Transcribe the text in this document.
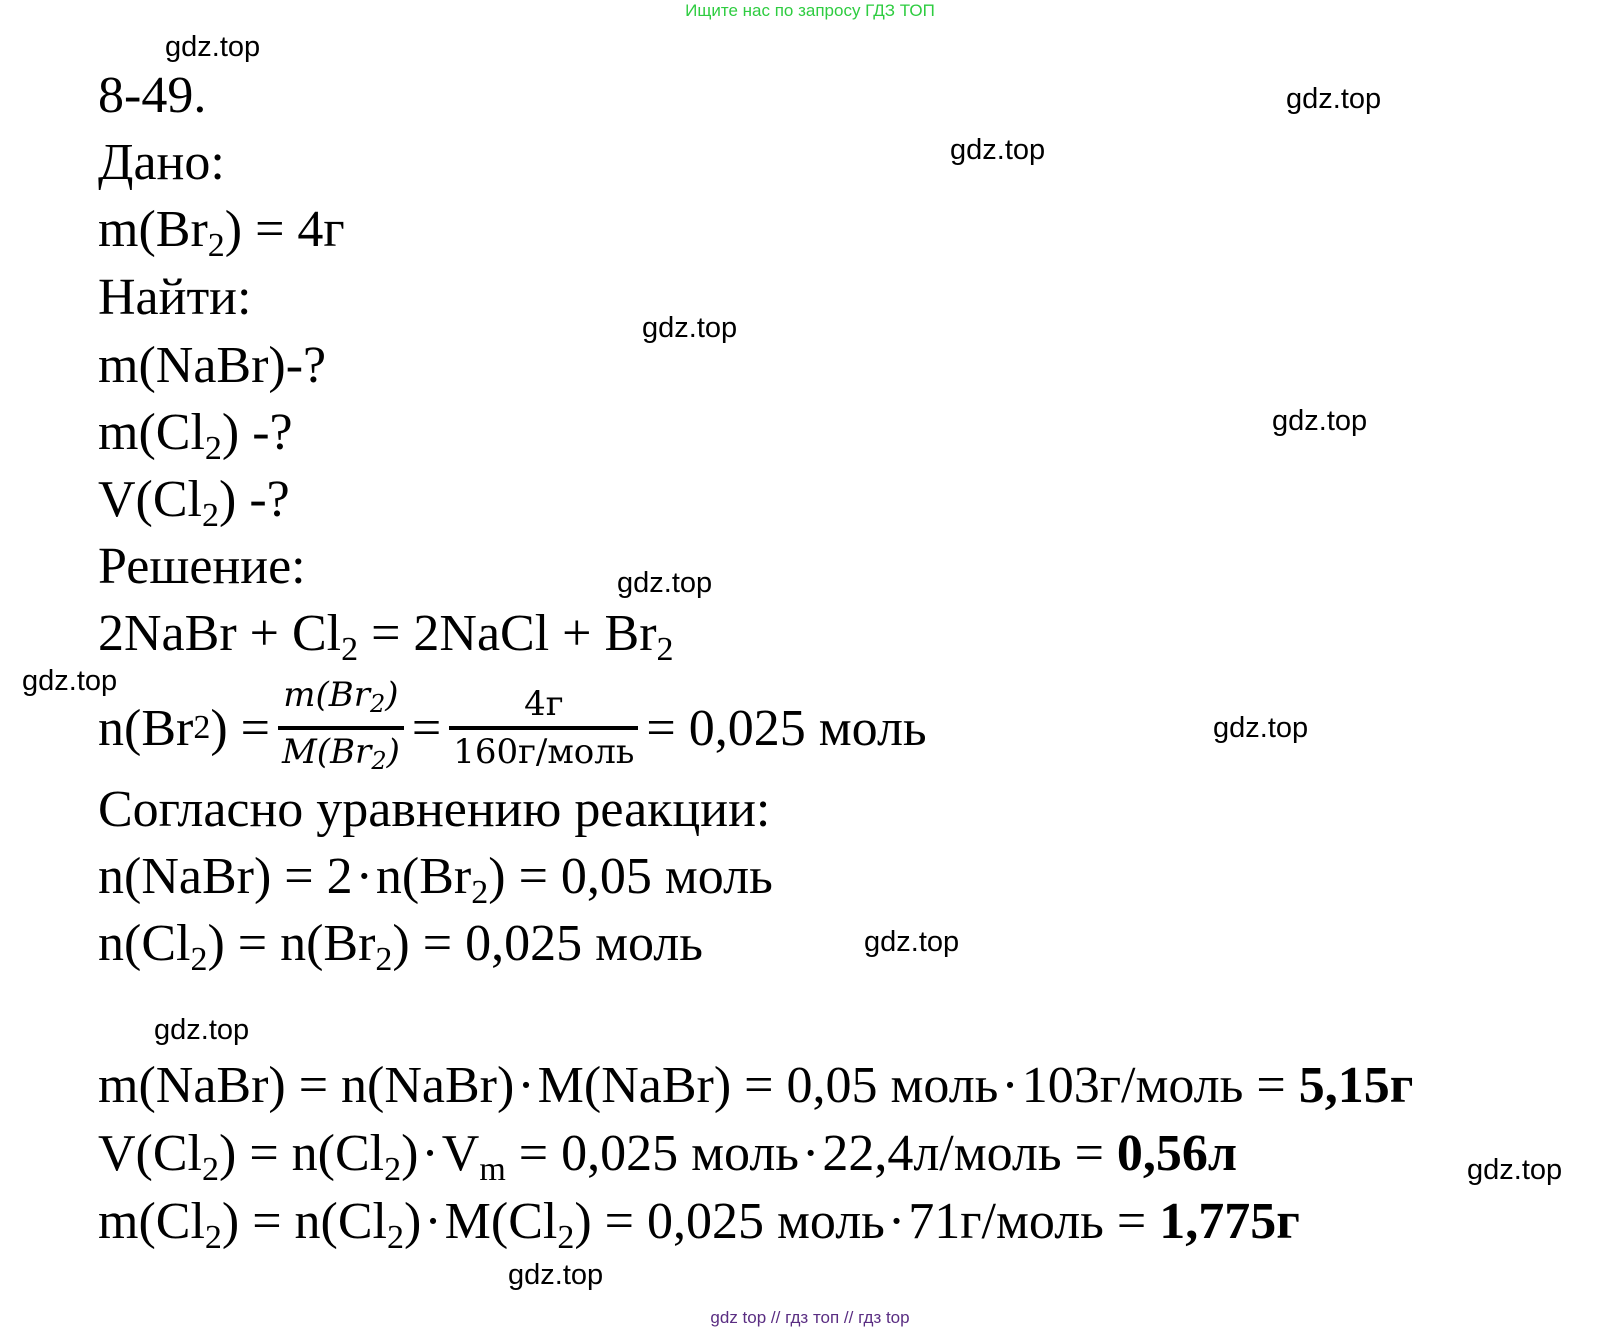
Ищите нас по запросу ГДЗ ТОП
gdz.top
gdz.top
gdz.top
gdz.top
gdz.top
gdz.top
gdz.top
gdz.top
gdz.top
gdz.top
gdz.top
gdz.top
8-49.
Дано:
$m(Br_2) = 4г$
Найти:
m(NaBr)-?
$m(Cl_2)$ -?
$V(Cl_2)$ -?
Решение:
2NaBr + $Cl_2$ = 2NaCl + $Br_2$
n(Br 2 ) = $\frac{m(Br2)}{M(Br2)} = \frac{4г}{\text{160г/моль}} = 0,025$ моль
Согласно уравнению реакции:
n(NaBr) = $2\cdot n(Br_2) = 0,05$ моль
$n(Cl_2) = n(Br_2) = 0,025$ моль
m(NaBr) = n(NaBr)·M(NaBr) = 0,05 моль·103г/моль = 5,15г
$V(Cl_2) = n(Cl_2)\cdot V_m = 0,025$ моль·22,4л/моль = 0,56л
$m(Cl_2) = n(Cl_2)\cdot M(Cl_2) = 0,025$ моль·71г/моль = 1,775г
gdz top // гдз топ // гдз top
